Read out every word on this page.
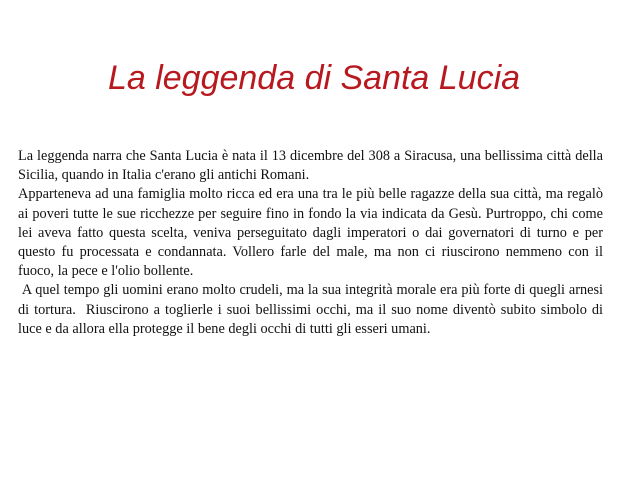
La leggenda di Santa Lucia

La leggenda narra che Santa Lucia è nata il 13 dicembre del 308 a Siracusa, una bellissima città della Sicilia, quando in Italia c'erano gli antichi Romani.

Apparteneva ad una famiglia molto ricca ed era una tra le più belle ragazze della sua città, ma regalò ai poveri tutte le sue ricchezze per seguire fino in fondo la via indicata da Gesù. Purtroppo, chi come lei aveva fatto questa scelta, veniva perseguitato dagli imperatori o dai governatori di turno e per questo fu processata e condannata. Vollero farle del male, ma non ci riuscirono nemmeno con il fuoco, la pece e l'olio bollente.

A quel tempo gli uomini erano molto crudeli, ma la sua integrità morale era più forte di quegli arnesi di tortura.  Riuscirono a toglierle i suoi bellissimi occhi, ma il suo nome diventò subito simbolo di luce e da allora ella protegge il bene degli occhi di tutti gli esseri umani.
